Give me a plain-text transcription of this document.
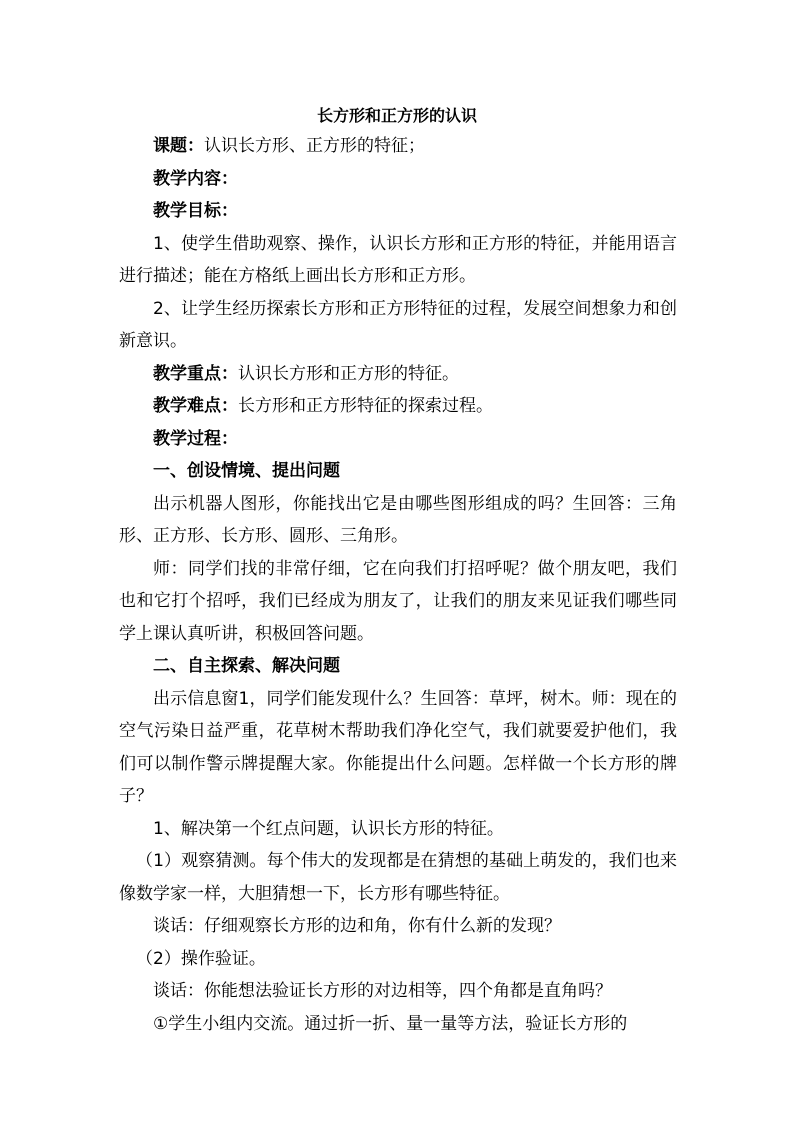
长方形和正方形的认识

课题：认识长方形、正方形的特征；

教学内容：

教学目标：

1、使学生借助观察、操作，认识长方形和正方形的特征，并能用语言进行描述；能在方格纸上画出长方形和正方形。

2、让学生经历探索长方形和正方形特征的过程，发展空间想象力和创新意识。

教学重点：认识长方形和正方形的特征。

教学难点：长方形和正方形特征的探索过程。

教学过程：

一、创设情境、提出问题

出示机器人图形，你能找出它是由哪些图形组成的吗？生回答：三角形、正方形、长方形、圆形、三角形。

师：同学们找的非常仔细，它在向我们打招呼呢？做个朋友吧，我们也和它打个招呼，我们已经成为朋友了，让我们的朋友来见证我们哪些同学上课认真听讲，积极回答问题。

二、自主探索、解决问题

出示信息窗1，同学们能发现什么？生回答：草坪，树木。师：现在的空气污染日益严重，花草树木帮助我们净化空气，我们就要爱护他们，我们可以制作警示牌提醒大家。你能提出什么问题。怎样做一个长方形的牌子？

1、解决第一个红点问题，认识长方形的特征。

（1）观察猜测。每个伟大的发现都是在猜想的基础上萌发的，我们也来像数学家一样，大胆猜想一下，长方形有哪些特征。

谈话：仔细观察长方形的边和角，你有什么新的发现？

（2）操作验证。

谈话：你能想法验证长方形的对边相等，四个角都是直角吗？

①学生小组内交流。通过折一折、量一量等方法，验证长方形的
